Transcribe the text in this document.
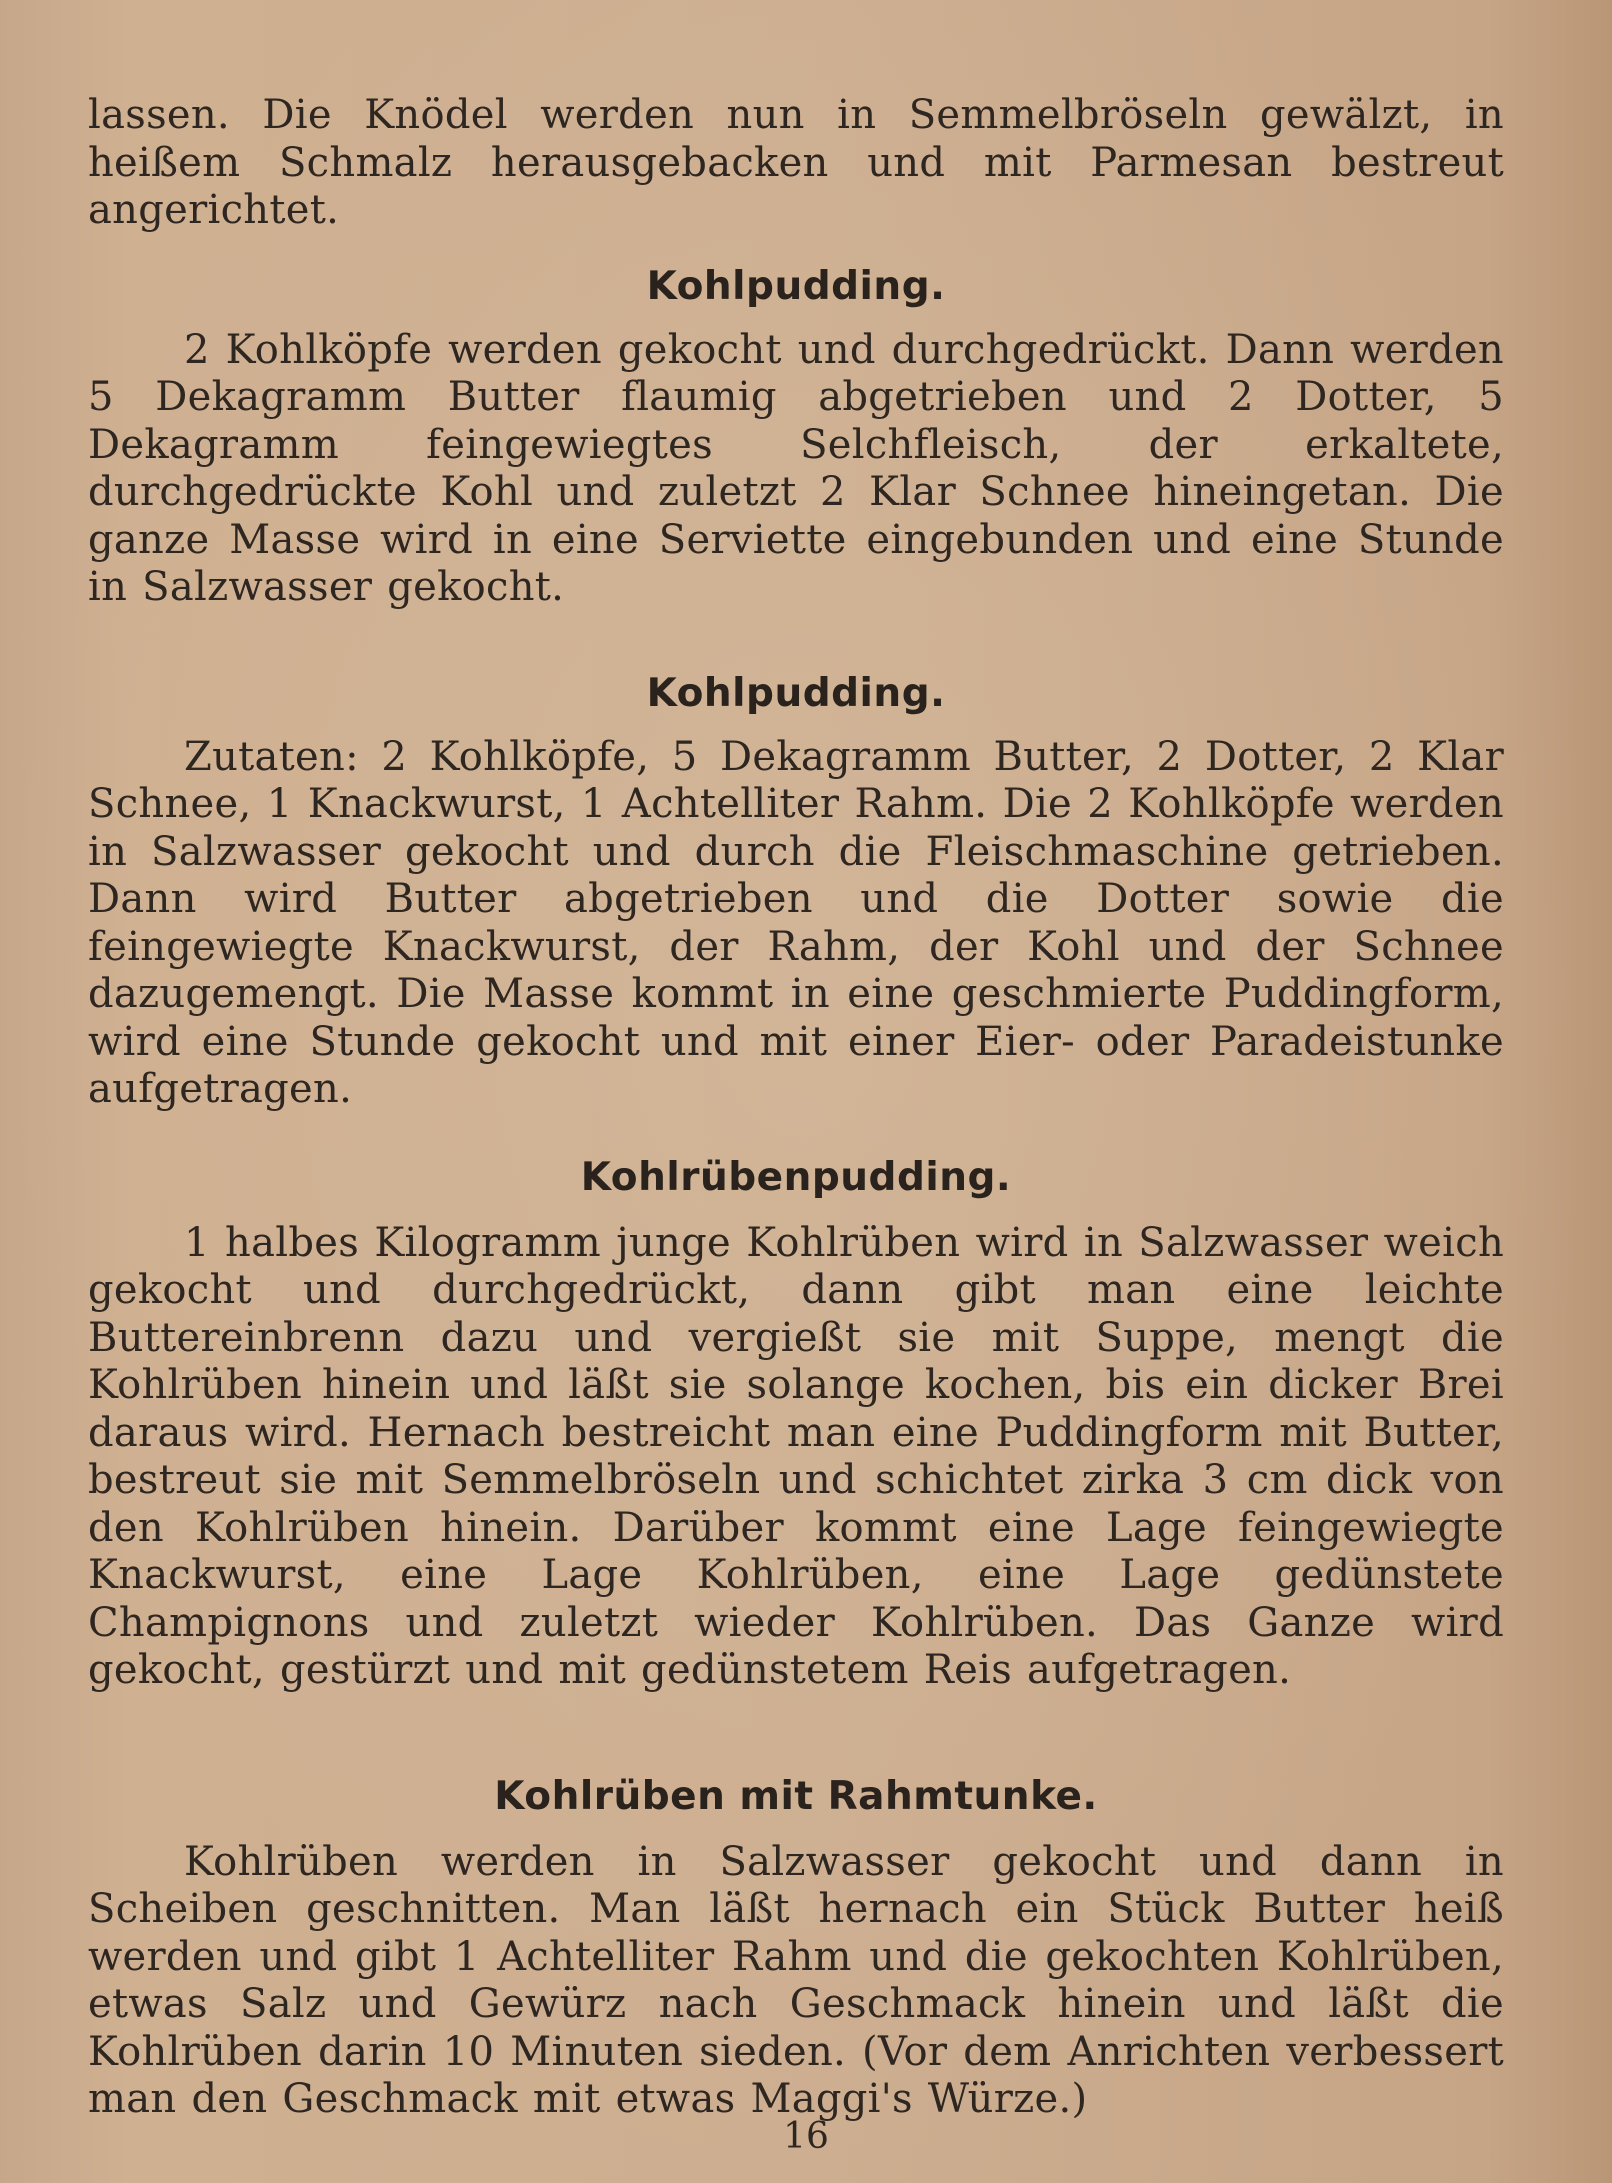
lassen. Die Knödel werden nun in Semmelbröseln gewälzt, in heißem Schmalz herausgebacken und mit Parmesan bestreut angerichtet.

Kohlpudding.

2 Kohlköpfe werden gekocht und durchgedrückt. Dann werden 5 Dekagramm Butter flaumig abgetrieben und 2 Dotter, 5 Dekagramm feingewiegtes Selchfleisch, der erkaltete, durchgedrückte Kohl und zuletzt 2 Klar Schnee hineingetan. Die ganze Masse wird in eine Serviette eingebunden und eine Stunde in Salzwasser gekocht.

Kohlpudding.

Zutaten: 2 Kohlköpfe, 5 Dekagramm Butter, 2 Dotter, 2 Klar Schnee, 1 Knackwurst, 1 Achtelliter Rahm. Die 2 Kohlköpfe werden in Salzwasser gekocht und durch die Fleischmaschine getrieben. Dann wird Butter abgetrieben und die Dotter sowie die feingewiegte Knackwurst, der Rahm, der Kohl und der Schnee dazugemengt. Die Masse kommt in eine geschmierte Puddingform, wird eine Stunde gekocht und mit einer Eier- oder Paradeistunke aufgetragen.

Kohlrübenpudding.

1 halbes Kilogramm junge Kohlrüben wird in Salzwasser weich gekocht und durchgedrückt, dann gibt man eine leichte Buttereinbrenn dazu und vergießt sie mit Suppe, mengt die Kohlrüben hinein und läßt sie solange kochen, bis ein dicker Brei daraus wird. Hernach bestreicht man eine Puddingform mit Butter, bestreut sie mit Semmelbröseln und schichtet zirka 3 cm dick von den Kohlrüben hinein. Darüber kommt eine Lage feingewiegte Knackwurst, eine Lage Kohlrüben, eine Lage gedünstete Champignons und zuletzt wieder Kohlrüben. Das Ganze wird gekocht, gestürzt und mit gedünstetem Reis aufgetragen.

Kohlrüben mit Rahmtunke.

Kohlrüben werden in Salzwasser gekocht und dann in Scheiben geschnitten. Man läßt hernach ein Stück Butter heiß werden und gibt 1 Achtelliter Rahm und die gekochten Kohlrüben, etwas Salz und Gewürz nach Geschmack hinein und läßt die Kohlrüben darin 10 Minuten sieden. (Vor dem Anrichten verbessert man den Geschmack mit etwas Maggi's Würze.)

16
